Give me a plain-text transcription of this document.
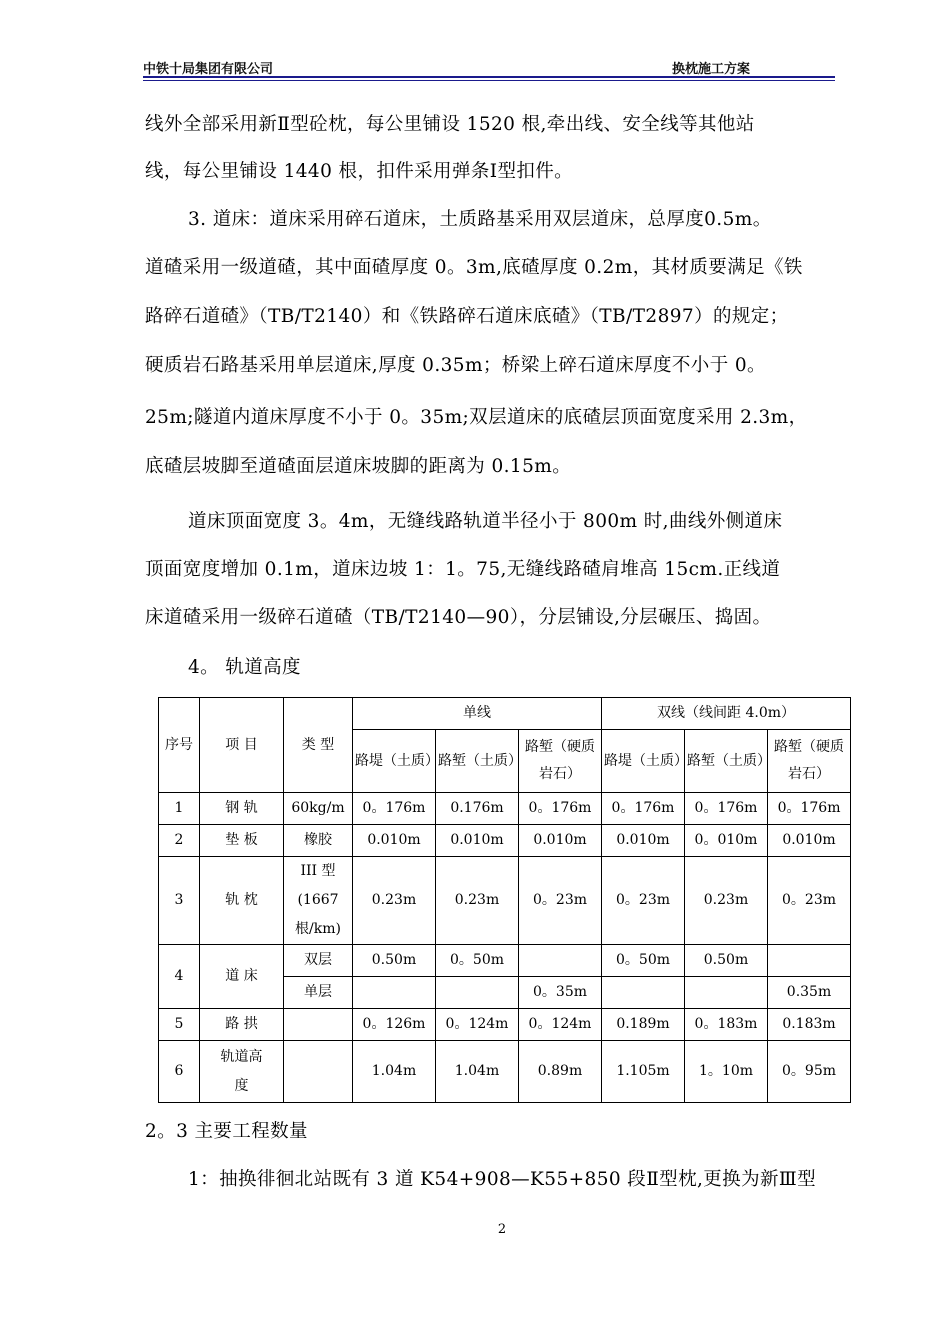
中铁十局集团有限公司	换枕施工方案
线外全部采用新Ⅱ型砼枕，每公里铺设 1520 根,牵出线、安全线等其他站
线，每公里铺设 1440 根，扣件采用弹条Ⅰ型扣件。
3. 道床：道床采用碎石道床，土质路基采用双层道床，总厚度0.5m。
道碴采用一级道碴，其中面碴厚度 0。3m,底碴厚度 0.2m，其材质要满足《铁
路碎石道碴》（TB/T2140）和《铁路碎石道床底碴》（TB/T2897）的规定；
硬质岩石路基采用单层道床,厚度 0.35m；桥梁上碎石道床厚度不小于 0。
25m;隧道内道床厚度不小于 0。35m;双层道床的底碴层顶面宽度采用 2.3m，
底碴层坡脚至道碴面层道床坡脚的距离为 0.15m。
道床顶面宽度 3。4m，无缝线路轨道半径小于 800m 时,曲线外侧道床
顶面宽度增加 0.1m，道床边坡 1：1。75,无缝线路碴肩堆高 15cm.正线道
床道碴采用一级碎石道碴（TB/T2140—90），分层铺设,分层碾压、捣固。
4。 轨道高度
序号	项 目	类 型	单线			双线（线间距 4.0m）		
			路堤（土质）	路堑（土质）	路堑（硬质岩石）	路堤（土质）	路堑（土质）	路堑（硬质岩石）
1	钢 轨	60kg/m	0。176m	0.176m	0。176m	0。176m	0。176m	0。176m
2	垫 板	橡胶	0.010m	0.010m	0.010m	0.010m	0。010m	0.010m
3	轨 枕	III 型(1667根/km)	0.23m	0.23m	0。23m	0。23m	0.23m	0。23m
4	道 床	双层	0.50m	0。50m		0。50m	0.50m	
		单层			0。35m			0.35m
5	路 拱		0。126m	0。124m	0。124m	0.189m	0。183m	0.183m
6	轨道高度		1.04m	1.04m	0.89m	1.105m	1。10m	0。95m
2。3 主要工程数量
1：抽换徘徊北站既有 3 道 K54+908—K55+850 段Ⅱ型枕,更换为新Ⅲ型
2
